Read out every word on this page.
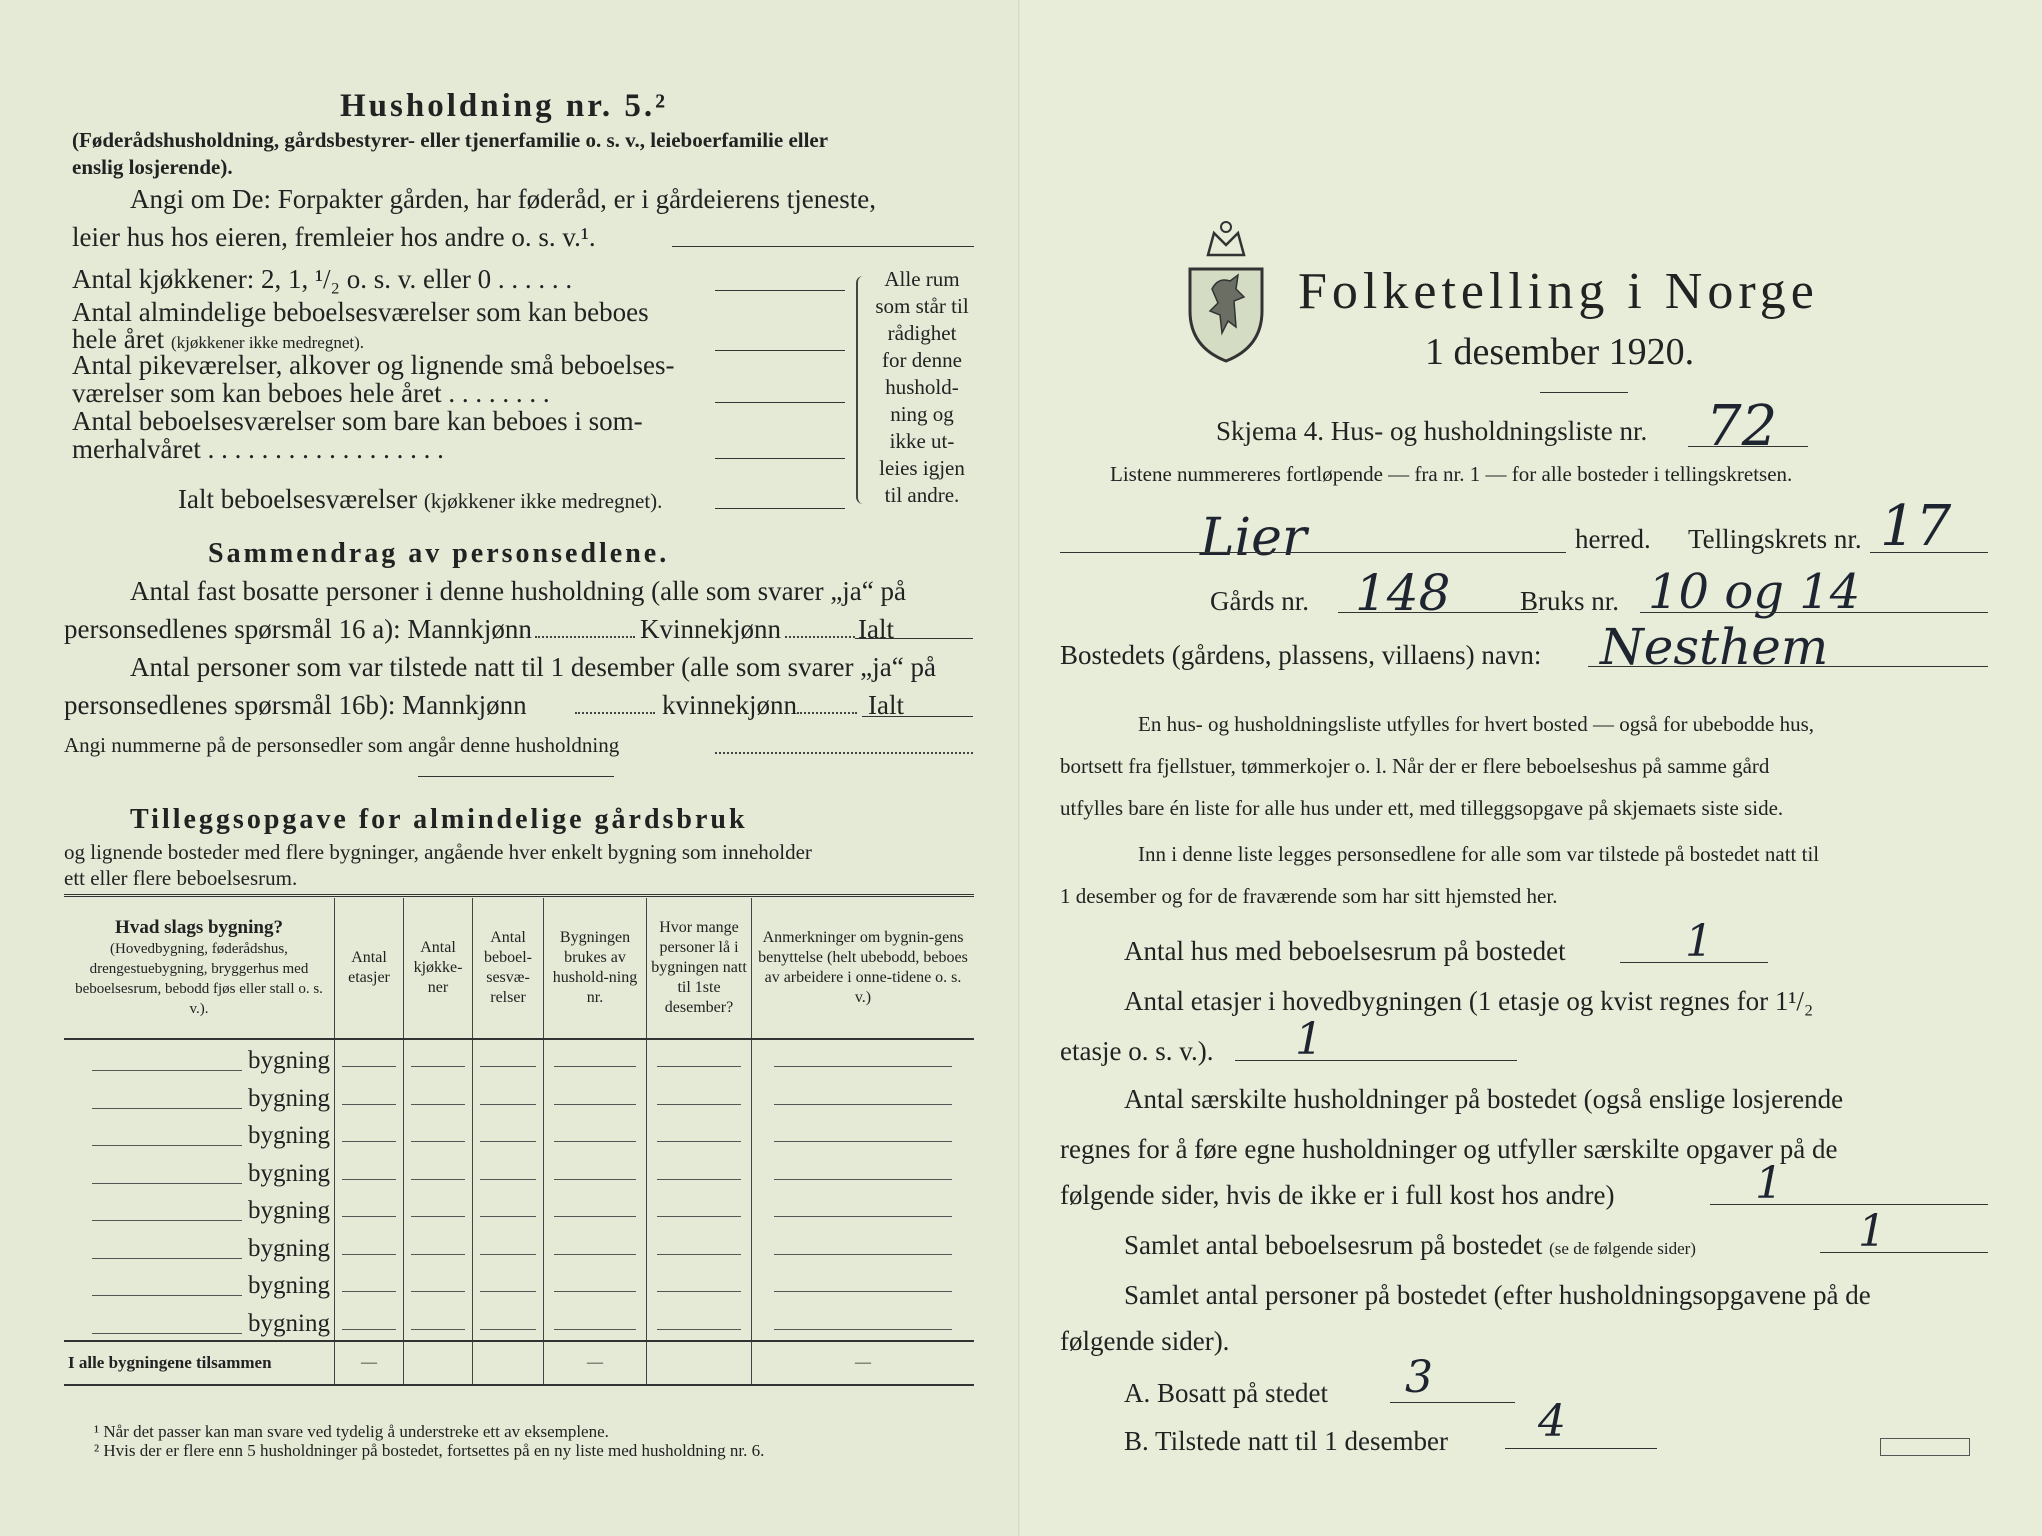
Husholdning nr. 5.²
(Føderådshusholdning, gårdsbestyrer- eller tjenerfamilie o. s. v., leieboerfamilie eller
enslig losjerende).
Angi om De: Forpakter gården, har føderåd, er i gårdeierens tjeneste,
leier hus hos eieren, fremleier hos andre o. s. v.¹.
Antal kjøkkener: 2, 1, ¹/₂ o. s. v. eller 0 . . . . . .
Antal almindelige beboelsesværelser som kan beboes
hele året (kjøkkener ikke medregnet).
Antal pikeværelser, alkover og lignende små beboelses-
værelser som kan beboes hele året . . . . . . . .
Antal beboelsesværelser som bare kan beboes i som-
merhalvåret . . . . . . . . . . . . . . . . . .
Ialt beboelsesværelser (kjøkkener ikke medregnet).
Alle rum
som står til
rådighet
for denne
hushold-
ning og
ikke ut-
leies igjen
til andre.
Sammendrag av personsedlene.
Antal fast bosatte personer i denne husholdning (alle som svarer „ja“ på
personsedlenes spørsmål 16 a): Mannkjønn	Kvinnekjønn	Ialt
Antal personer som var tilstede natt til 1 desember (alle som svarer „ja“ på
personsedlenes spørsmål 16b): Mannkjønn	kvinnekjønn	Ialt
Angi nummerne på de personsedler som angår denne husholdning
Tilleggsopgave for almindelige gårdsbruk
og lignende bosteder med flere bygninger, angående hver enkelt bygning som inneholder
ett eller flere beboelsesrum.
Hvad slags bygning?

(Hovedbygning, føderådshus, drengestuebygning, bryggerhus med beboelsesrum, bebodd fjøs eller stall o. s. v.).	Antal etasjer	Antal kjøkke-ner	Antal beboel-sesvæ-relser	Bygningen brukes av hushold-ning nr.	Hvor mange personer lå i bygningen natt til 1ste desember?	Anmerkninger om bygnin-gens benyttelse (helt ubebodd, beboes av arbeidere i onne-tidene o. s. v.)
bygning						
bygning						
bygning						
bygning						
bygning						
bygning						
bygning						
bygning						
I alle bygningene tilsammen	—			—		—
¹ Når det passer kan man svare ved tydelig å understreke ett av eksemplene.
² Hvis der er flere enn 5 husholdninger på bostedet, fortsettes på en ny liste med husholdning nr. 6.
Folketelling i Norge
1 desember 1920.
Skjema 4. Hus- og husholdningsliste nr. 72
Listene nummereres fortløpende — fra nr. 1 — for alle bosteder i tellingskretsen.
Lier	herred. Tellingskrets nr. 17
Gårds nr. 148	Bruks nr. 10 og 14
Bostedets (gårdens, plassens, villaens) navn: Nesthem
En hus- og husholdningsliste utfylles for hvert bosted — også for ubebodde hus,
bortsett fra fjellstuer, tømmerkojer o. l. Når der er flere beboelseshus på samme gård
utfylles bare én liste for alle hus under ett, med tilleggsopgave på skjemaets siste side.
Inn i denne liste legges personsedlene for alle som var tilstede på bostedet natt til
1 desember og for de fraværende som har sitt hjemsted her.
Antal hus med beboelsesrum på bostedet	1
Antal etasjer i hovedbygningen (1 etasje og kvist regnes for 1¹/₂
etasje o. s. v.). 1
Antal særskilte husholdninger på bostedet (også enslige losjerende
regnes for å føre egne husholdninger og utfyller særskilte opgaver på de
følgende sider, hvis de ikke er i full kost hos andre)	1
Samlet antal beboelsesrum på bostedet (se de følgende sider)	1
Samlet antal personer på bostedet (efter husholdningsopgavene på de
følgende sider).
A. Bosatt på stedet 3
B. Tilstede natt til 1 desember 4
